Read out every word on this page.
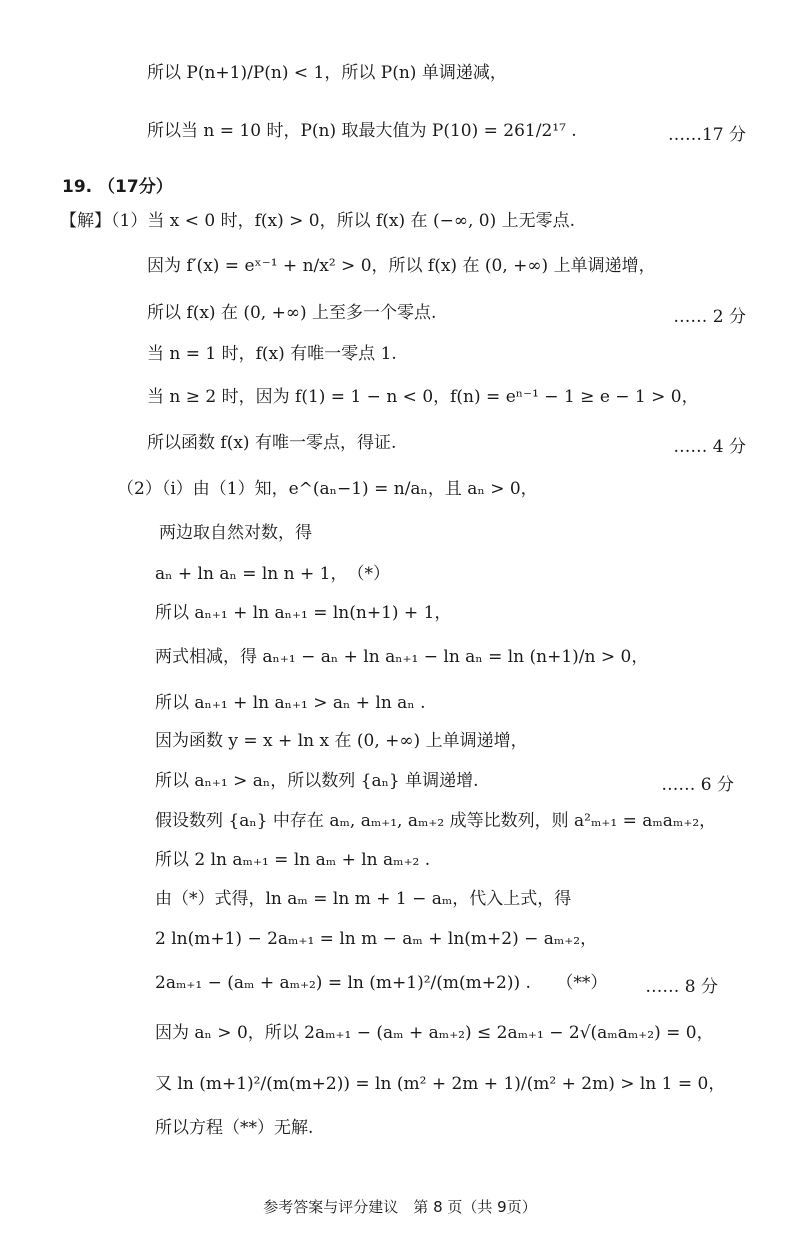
所以 P(n+1)/P(n) < 1，所以 P(n) 单调递减，
所以当 n = 10 时，P(n) 取最大值为 P(10) = 261/2¹⁷ .	……17 分
19. （17分）
【解】（1）当 x < 0 时，f(x) > 0，所以 f(x) 在 (−∞, 0) 上无零点.
因为 f′(x) = eˣ⁻¹ + n/x² > 0，所以 f(x) 在 (0, +∞) 上单调递增，
所以 f(x) 在 (0, +∞) 上至多一个零点.	…… 2 分
当 n = 1 时，f(x) 有唯一零点 1.
当 n ≥ 2 时，因为 f(1) = 1 − n < 0，f(n) = eⁿ⁻¹ − 1 ≥ e − 1 > 0，
所以函数 f(x) 有唯一零点，得证.	…… 4 分
（2）（ⅰ）由（1）知，e^(aₙ−1) = n/aₙ，且 aₙ > 0，
两边取自然对数，得
aₙ + ln aₙ = ln n + 1，　（*）
所以 aₙ₊₁ + ln aₙ₊₁ = ln(n+1) + 1，
两式相减，得 aₙ₊₁ − aₙ + ln aₙ₊₁ − ln aₙ = ln (n+1)/n > 0，
所以 aₙ₊₁ + ln aₙ₊₁ > aₙ + ln aₙ .
因为函数 y = x + ln x 在 (0, +∞) 上单调递增，
所以 aₙ₊₁ > aₙ，所以数列 {aₙ} 单调递增.	…… 6 分
假设数列 {aₙ} 中存在 aₘ, aₘ₊₁, aₘ₊₂ 成等比数列，则 a²ₘ₊₁ = aₘaₘ₊₂，
所以 2 ln aₘ₊₁ = ln aₘ + ln aₘ₊₂ .
由（*）式得，ln aₘ = ln m + 1 − aₘ，代入上式，得
2 ln(m+1) − 2aₘ₊₁ = ln m − aₘ + ln(m+2) − aₘ₊₂，
2aₘ₊₁ − (aₘ + aₘ₊₂) = ln (m+1)²/(m(m+2)) .　　（**） …… 8 分
因为 aₙ > 0，所以 2aₘ₊₁ − (aₘ + aₘ₊₂) ≤ 2aₘ₊₁ − 2√(aₘaₘ₊₂) = 0，
又 ln (m+1)²/(m(m+2)) = ln (m² + 2m + 1)/(m² + 2m) > ln 1 = 0，
所以方程（**）无解.
参考答案与评分建议　第 8 页（共 9页）
